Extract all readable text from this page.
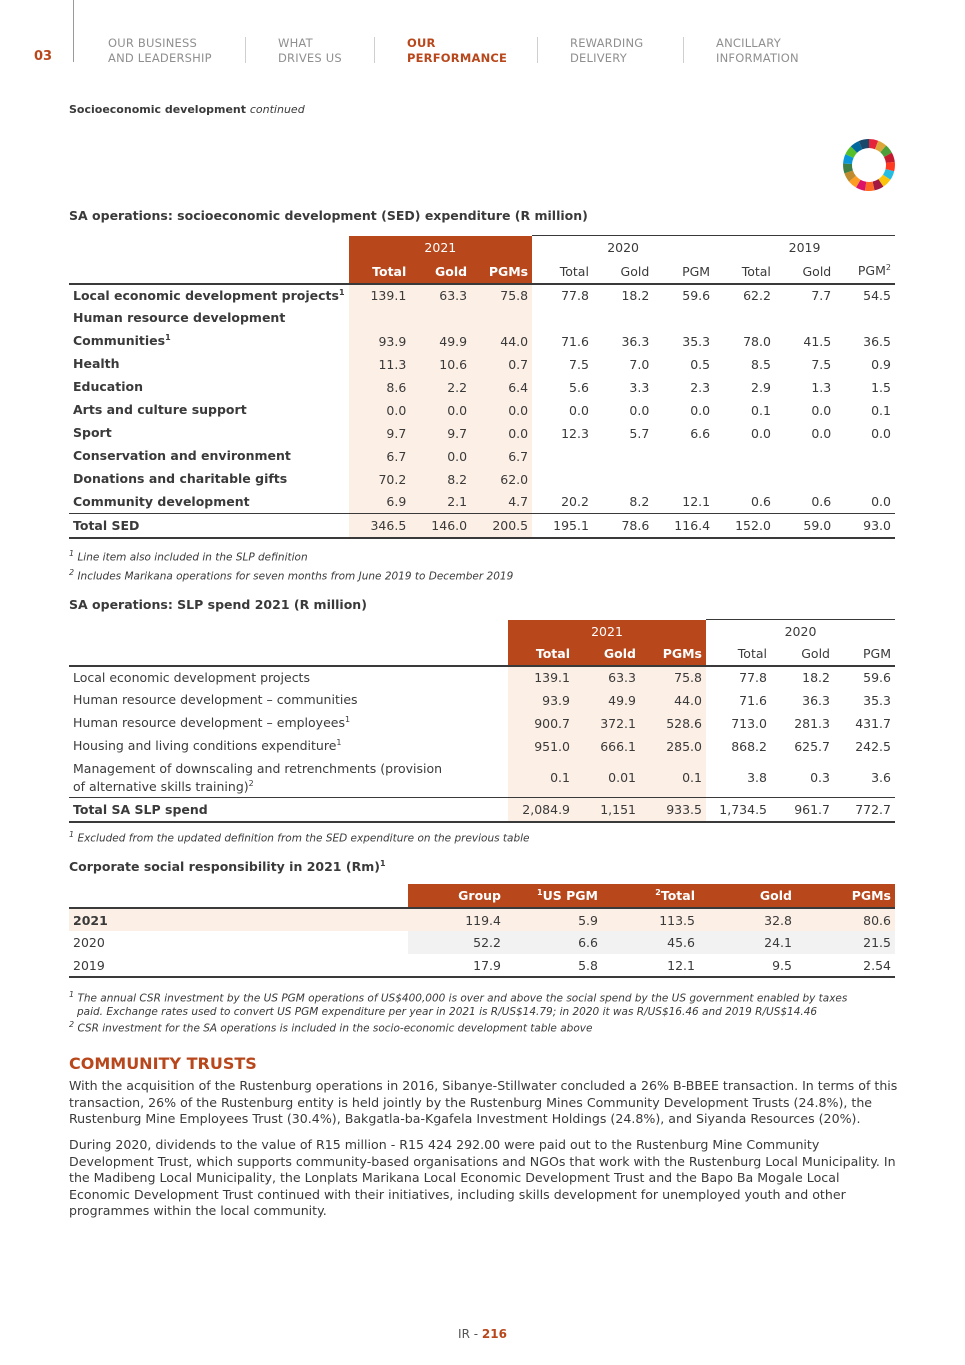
03
OUR BUSINESS
AND LEADERSHIP
WHAT
DRIVES US
OUR
PERFORMANCE
REWARDING
DELIVERY
ANCILLARY
INFORMATION
Socioeconomic development continued
SA operations: socioeconomic development (SED) expenditure (R million)
	2021			2020			2019		
	Total	Gold	PGMs	Total	Gold	PGM	Total	Gold	PGM$^2$
Local economic development projects$^1$	139.1	63.3	75.8	77.8	18.2	59.6	62.2	7.7	54.5
Human resource development									
Communities$^1$	93.9	49.9	44.0	71.6	36.3	35.3	78.0	41.5	36.5
Health	11.3	10.6	0.7	7.5	7.0	0.5	8.5	7.5	0.9
Education	8.6	2.2	6.4	5.6	3.3	2.3	2.9	1.3	1.5
Arts and culture support	0.0	0.0	0.0	0.0	0.0	0.0	0.1	0.0	0.1
Sport	9.7	9.7	0.0	12.3	5.7	6.6	0.0	0.0	0.0
Conservation and environment	6.7	0.0	6.7						
Donations and charitable gifts	70.2	8.2	62.0						
Community development	6.9	2.1	4.7	20.2	8.2	12.1	0.6	0.6	0.0
Total SED	346.5	146.0	200.5	195.1	78.6	116.4	152.0	59.0	93.0
$^1$ Line item also included in the SLP definition
$^2$ Includes Marikana operations for seven months from June 2019 to December 2019
SA operations: SLP spend 2021 (R million)
	2021			2020		
	Total	Gold	PGMs	Total	Gold	PGM
Local economic development projects	139.1	63.3	75.8	77.8	18.2	59.6
Human resource development – communities	93.9	49.9	44.0	71.6	36.3	35.3
Human resource development – employees$^1$	900.7	372.1	528.6	713.0	281.3	431.7
Housing and living conditions expenditure$^1$	951.0	666.1	285.0	868.2	625.7	242.5

Management of downscaling and retrenchments (provision
of alternative skills training)$^2$	0.1	0.01	0.1	3.8	0.3	3.6
Total SA SLP spend	2,084.9	1,151	933.5	1,734.5	961.7	772.7
$^1$ Excluded from the updated definition from the SED expenditure on the previous table
Corporate social responsibility in 2021 $(Rm)^1$
	Group	$^1$US PGM	$^2$Total	Gold	PGMs
2021	119.4	5.9	113.5	32.8	80.6
2020	52.2	6.6	45.6	24.1	21.5
2019	17.9	5.8	12.1	9.5	2.54
$^1$ The annual CSR investment by the US PGM operations of US$400,000 is over and above the social spend by the US government enabled by taxes
paid. Exchange rates used to convert US PGM expenditure per year in 2021 is R/US$14.79; in 2020 it was R/US$16.46 and 2019 R/US$14.46
$^2$ CSR investment for the SA operations is included in the socio-economic development table above
COMMUNITY TRUSTS
With the acquisition of the Rustenburg operations in 2016, Sibanye-Stillwater concluded a 26% B-BBEE transaction. In terms of this transaction, 26% of the Rustenburg entity is held jointly by the Rustenburg Mines Community Development Trusts (24.8%), the Rustenburg Mine Employees Trust (30.4%), Bakgatla-ba-Kgafela Investment Holdings (24.8%), and Siyanda Resources (20%).
During 2020, dividends to the value of R15 million - R15 424 292.00 were paid out to the Rustenburg Mine Community Development Trust, which supports community-based organisations and NGOs that work with the Rustenburg Local Municipality. In the Madibeng Local Municipality, the Lonplats Marikana Local Economic Development Trust and the Bapo Ba Mogale Local Economic Development Trust continued with their initiatives, including skills development for unemployed youth and other programmes within the local community.
IR - 216
